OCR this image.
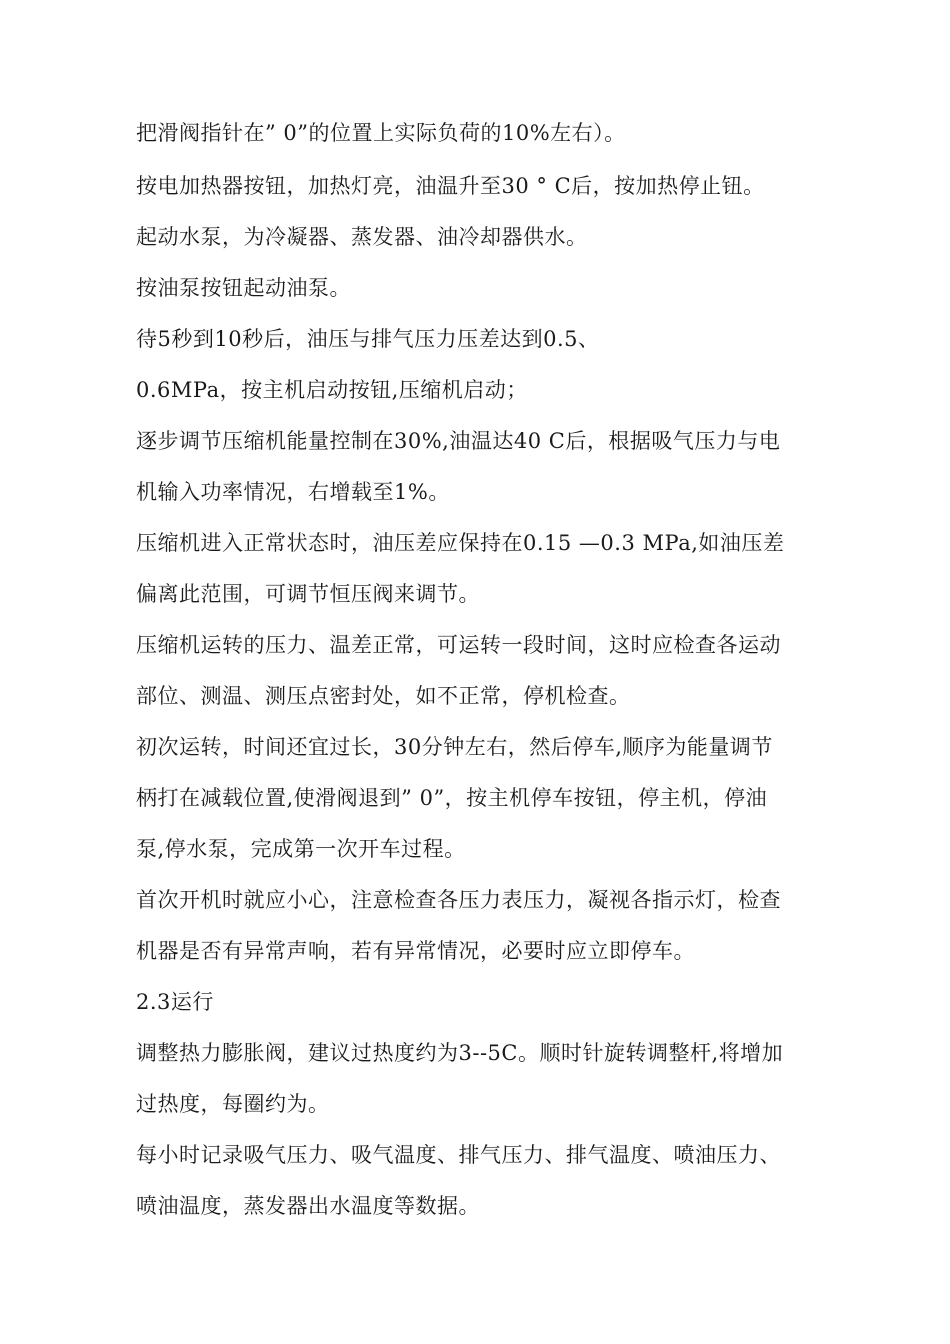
把滑阀指针在” 0”的位置上实际负荷的10%左右）。
按电加热器按钮，加热灯亮，油温升至30 ° C后，按加热停止钮。
起动水泵，为冷凝器、蒸发器、油冷却器供水。
按油泵按钮起动油泵。
待5秒到10秒后，油压与排气压力压差达到0.5、
0.6MPa，按主机启动按钮,压缩机启动；
逐步调节压缩机能量控制在30%,油温达40 C后，根据吸气压力与电
机输入功率情况，右增载至1%。
压缩机进入正常状态时，油压差应保持在0.15 —0.3 MPa,如油压差
偏离此范围，可调节恒压阀来调节。
压缩机运转的压力、温差正常，可运转一段时间，这时应检查各运动
部位、测温、测压点密封处，如不正常，停机检查。
初次运转，时间还宜过长，30分钟左右，然后停车,顺序为能量调节
柄打在减载位置,使滑阀退到” 0”，按主机停车按钮，停主机，停油
泵,停水泵，完成第一次开车过程。
首次开机时就应小心，注意检查各压力表压力，凝视各指示灯，检查
机器是否有异常声响，若有异常情况，必要时应立即停车。
2.3运行
调整热力膨胀阀，建议过热度约为3--5C。顺时针旋转调整杆,将增加
过热度，每圈约为。
每小时记录吸气压力、吸气温度、排气压力、排气温度、喷油压力、
喷油温度，蒸发器出水温度等数据。
